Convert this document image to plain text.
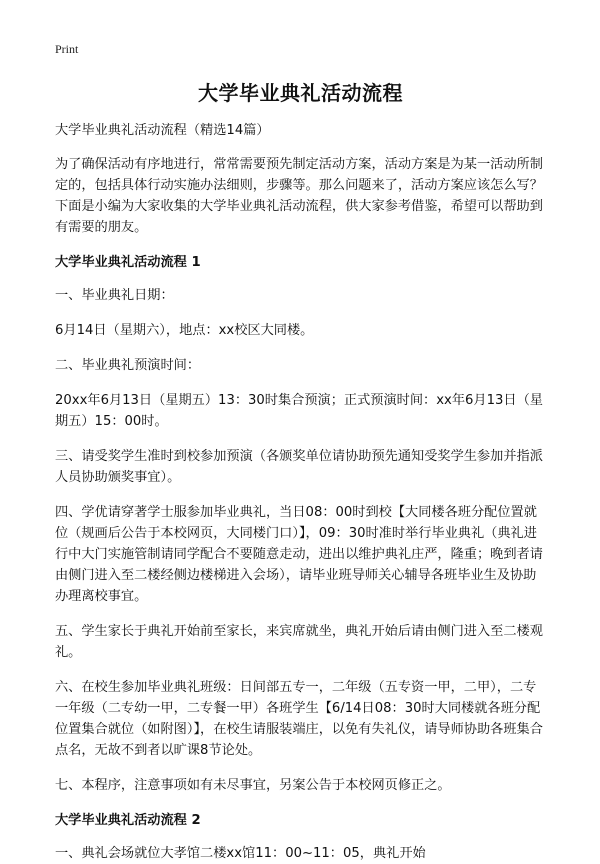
Print
大学毕业典礼活动流程
大学毕业典礼活动流程（精选14篇）
为了确保活动有序地进行，常常需要预先制定活动方案，活动方案是为某一活动所制定的，包括具体行动实施办法细则，步骤等。那么问题来了，活动方案应该怎么写？下面是小编为大家收集的大学毕业典礼活动流程，供大家参考借鉴，希望可以帮助到有需要的朋友。
大学毕业典礼活动流程 1
一、毕业典礼日期：
6月14日（星期六），地点：xx校区大同楼。
二、毕业典礼预演时间：
20xx年6月13日（星期五）13：30时集合预演；正式预演时间：xx年6月13日（星期五）15：00时。
三、请受奖学生准时到校参加预演（各颁奖单位请协助预先通知受奖学生参加并指派人员协助颁奖事宜）。
四、学优请穿著学士服参加毕业典礼，当日08：00时到校【大同楼各班分配位置就位（规画后公告于本校网页，大同楼门口）】，09：30时准时举行毕业典礼（典礼进行中大门实施管制请同学配合不要随意走动，进出以维护典礼庄严，隆重；晚到者请由侧门进入至二楼经侧边楼梯进入会场），请毕业班导师关心辅导各班毕业生及协助办理离校事宜。
五、学生家长于典礼开始前至家长，来宾席就坐，典礼开始后请由侧门进入至二楼观礼。
六、在校生参加毕业典礼班级：日间部五专一，二年级（五专资一甲，二甲），二专一年级（二专幼一甲，二专餐一甲）各班学生【6/14日08：30时大同楼就各班分配位置集合就位（如附图）】，在校生请服装端庄，以免有失礼仪，请导师协助各班集合点名，无故不到者以旷课8节论处。
七、本程序，注意事项如有未尽事宜，另案公告于本校网页修正之。
大学毕业典礼活动流程 2
一、典礼会场就位大孝馆二楼xx馆11：00~11：05，典礼开始
